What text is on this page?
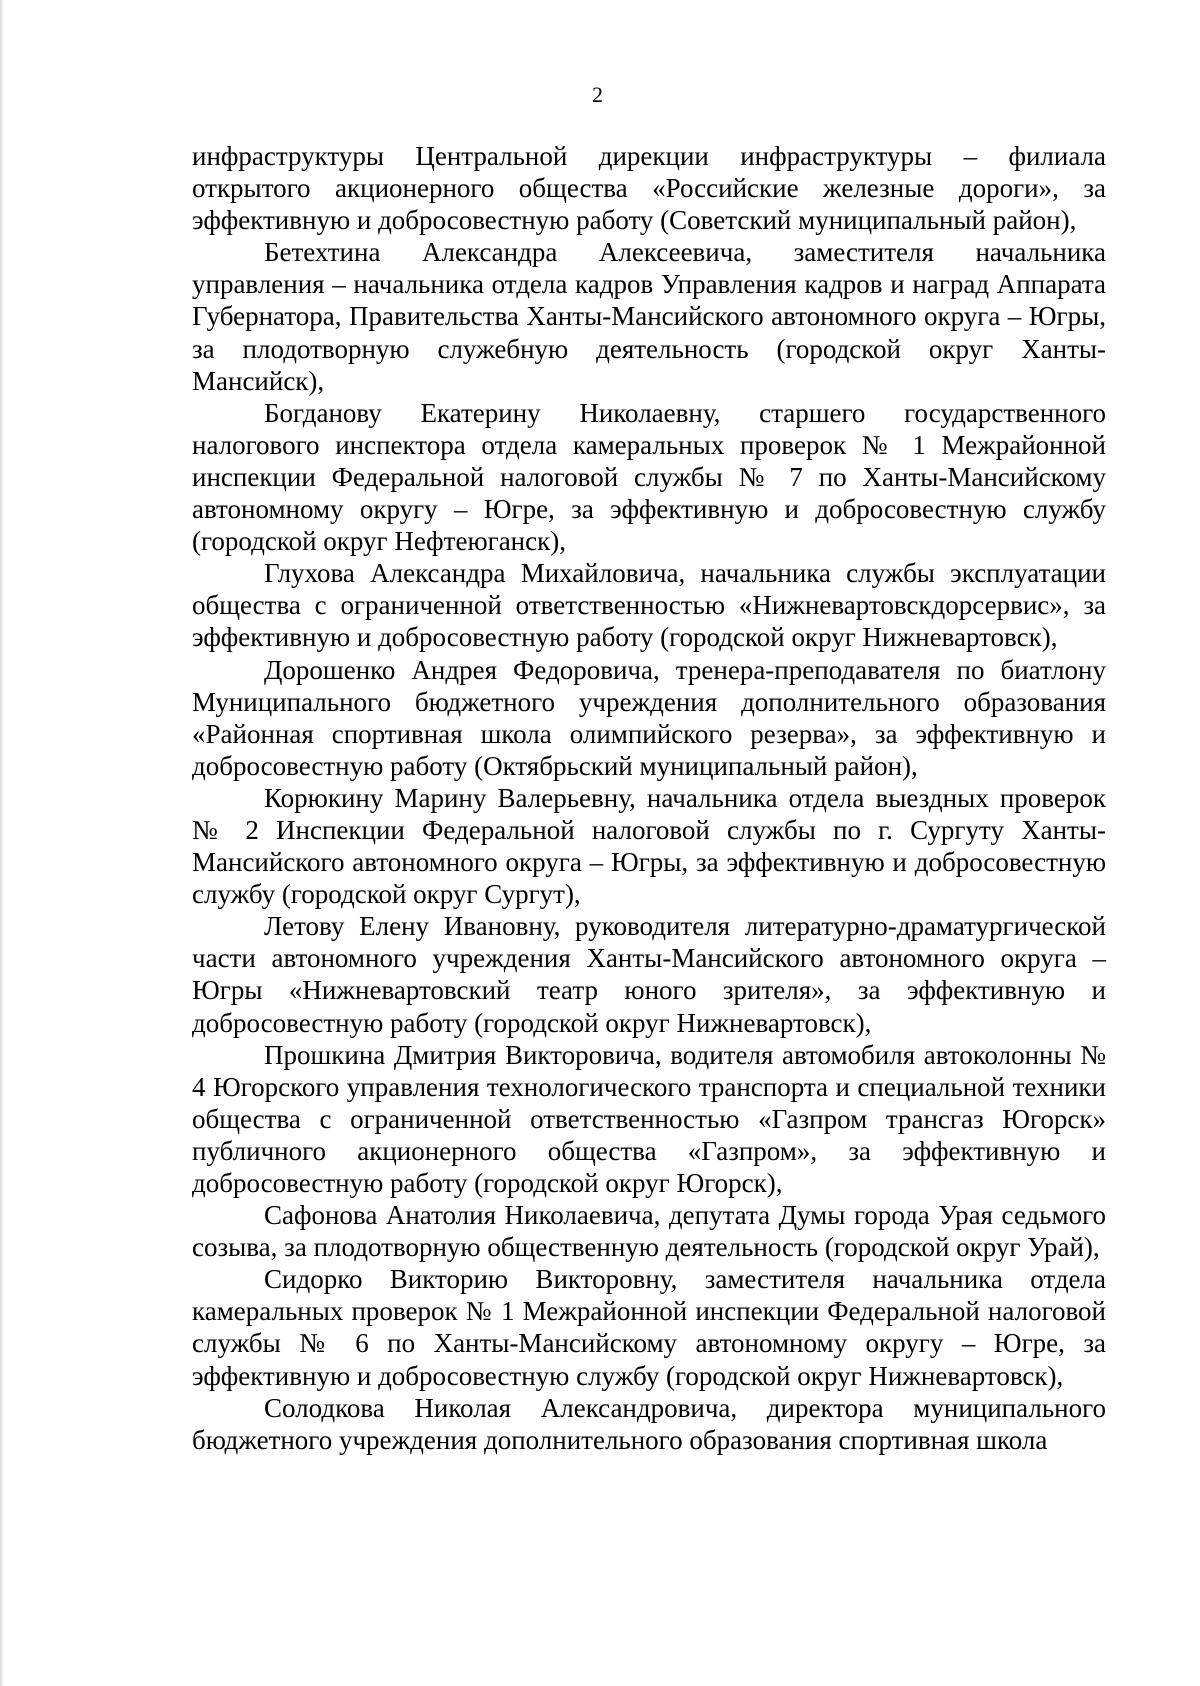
2

инфраструктуры Центральной дирекции инфраструктуры – филиала открытого акционерного общества «Российские железные дороги», за эффективную и добросовестную работу (Советский муниципальный район),

Бетехтина Александра Алексеевича, заместителя начальника управления – начальника отдела кадров Управления кадров и наград Аппарата Губернатора, Правительства Ханты-Мансийского автономного округа – Югры, за плодотворную служебную деятельность (городской округ Ханты-Мансийск),

Богданову Екатерину Николаевну, старшего государственного налогового инспектора отдела камеральных проверок № 1 Межрайонной инспекции Федеральной налоговой службы № 7 по Ханты-Мансийскому автономному округу – Югре, за эффективную и добросовестную службу (городской округ Нефтеюганск),

Глухова Александра Михайловича, начальника службы эксплуатации общества с ограниченной ответственностью «Нижневартовскдорсервис», за эффективную и добросовестную работу (городской округ Нижневартовск),

Дорошенко Андрея Федоровича, тренера-преподавателя по биатлону Муниципального бюджетного учреждения дополнительного образования «Районная спортивная школа олимпийского резерва», за эффективную и добросовестную работу (Октябрьский муниципальный район),

Корюкину Марину Валерьевну, начальника отдела выездных проверок № 2 Инспекции Федеральной налоговой службы по г. Сургуту Ханты-Мансийского автономного округа – Югры, за эффективную и добросовестную службу (городской округ Сургут),

Летову Елену Ивановну, руководителя литературно-драматургической части автономного учреждения Ханты-Мансийского автономного округа – Югры «Нижневартовский театр юного зрителя», за эффективную и добросовестную работу (городской округ Нижневартовск),

Прошкина Дмитрия Викторовича, водителя автомобиля автоколонны № 4 Югорского управления технологического транспорта и специальной техники общества с ограниченной ответственностью «Газпром трансгаз Югорск» публичного акционерного общества «Газпром», за эффективную и добросовестную работу (городской округ Югорск),

Сафонова Анатолия Николаевича, депутата Думы города Урая седьмого созыва, за плодотворную общественную деятельность (городской округ Урай),

Сидорко Викторию Викторовну, заместителя начальника отдела камеральных проверок № 1 Межрайонной инспекции Федеральной налоговой службы № 6 по Ханты-Мансийскому автономному округу – Югре, за эффективную и добросовестную службу (городской округ Нижневартовск),

Солодкова Николая Александровича, директора муниципального бюджетного учреждения дополнительного образования спортивная школа
